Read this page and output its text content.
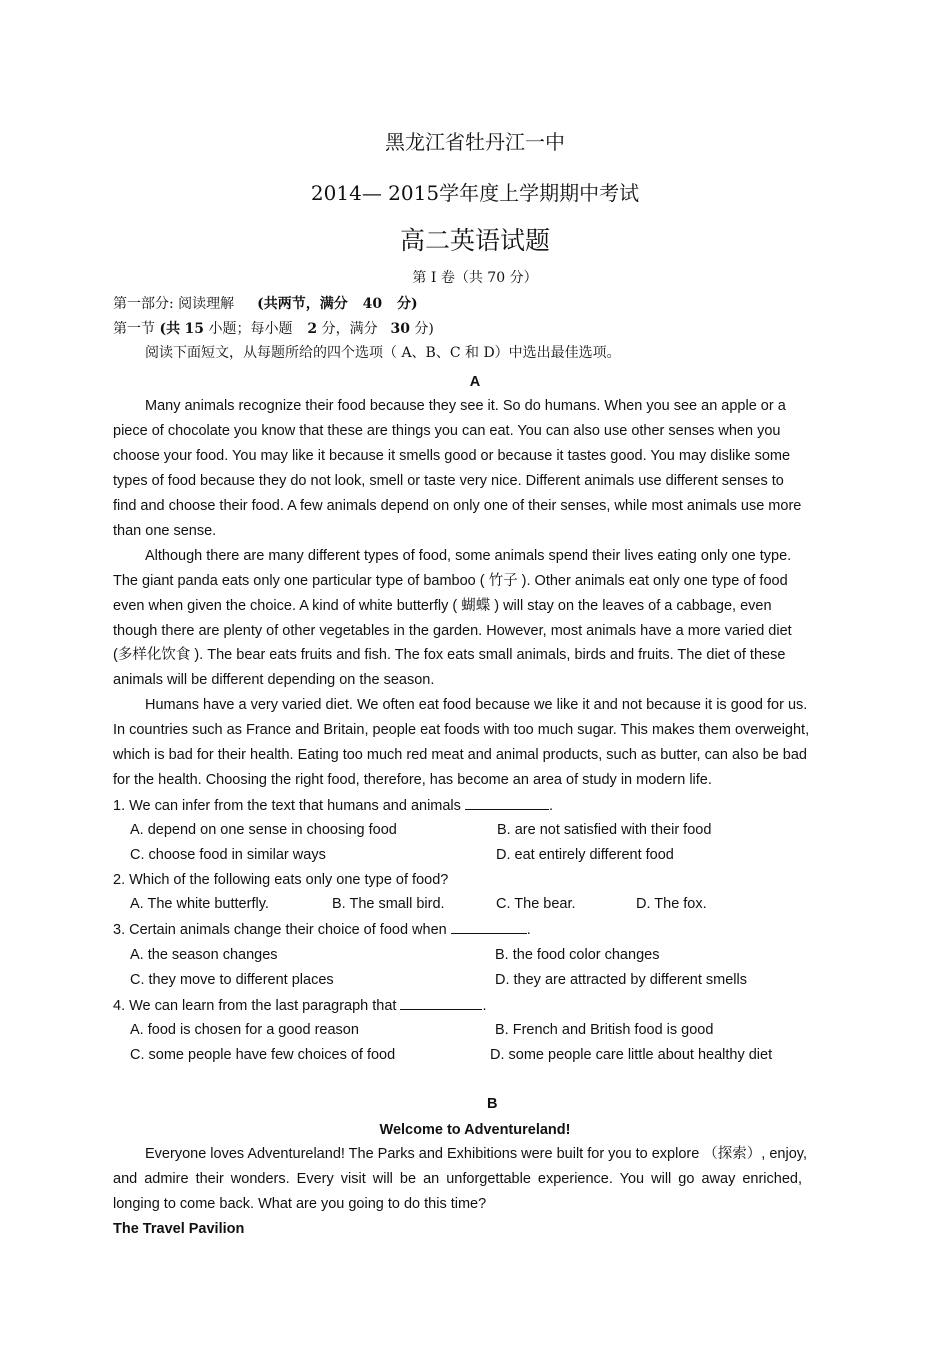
黑龙江省牡丹江一中
2014— 2015学年度上学期期中考试
高二英语试题
第 I 卷（共 70 分）
第一部分: 阅读理解 (共两节，满分 40 分)
第一节 (共 15 小题；每小题 2 分，满分 30 分)
阅读下面短文，从每题所给的四个选项（ A、B、C 和 D）中选出最佳选项。
A
Many animals recognize their food because they see it. So do humans. When you see an apple or a
piece of chocolate you know that these are things you can eat. You can also use other senses when you
choose your food. You may like it because it smells good or because it tastes good. You may dislike some
types of food because they do not look, smell or taste very nice. Different animals use different senses to
find and choose their food. A few animals depend on only one of their senses, while most animals use more
than one sense.
Although there are many different types of food, some animals spend their lives eating only one type.
The giant panda eats only one particular type of bamboo ( 竹子 ). Other animals eat only one type of food
even when given the choice. A kind of white butterfly ( 蝴蝶 ) will stay on the leaves of a cabbage, even
though there are plenty of other vegetables in the garden. However, most animals have a more varied diet
(多样化饮食 ). The bear eats fruits and fish. The fox eats small animals, birds and fruits. The diet of these
animals will be different depending on the season.
Humans have a very varied diet. We often eat food because we like it and not because it is good for us.
In countries such as France and Britain, people eat foods with too much sugar. This makes them overweight,
which is bad for their health. Eating too much red meat and animal products, such as butter, can also be bad
for the health. Choosing the right food, therefore, has become an area of study in modern life.
1. We can infer from the text that humans and animals	.
A. depend on one sense in choosing food	B. are not satisfied with their food
C. choose food in similar ways	D. eat entirely different food
2. Which of the following eats only one type of food?
A. The white butterfly.	B. The small bird.	C. The bear.	D. The fox.
3. Certain animals change their choice of food when	.
A. the season changes	B. the food color changes
C. they move to different places	D. they are attracted by different smells
4. We can learn from the last paragraph that	.
A. food is chosen for a good reason	B. French and British food is good
C. some people have few choices of food	D. some people care little about healthy diet
B
Welcome to Adventureland!
Everyone loves Adventureland! The Parks and Exhibitions were built for you to explore （探索）, enjoy,
and admire their wonders. Every visit will be an unforgettable experience. You will go away enriched,
longing to come back. What are you going to do this time?
The Travel Pavilion
